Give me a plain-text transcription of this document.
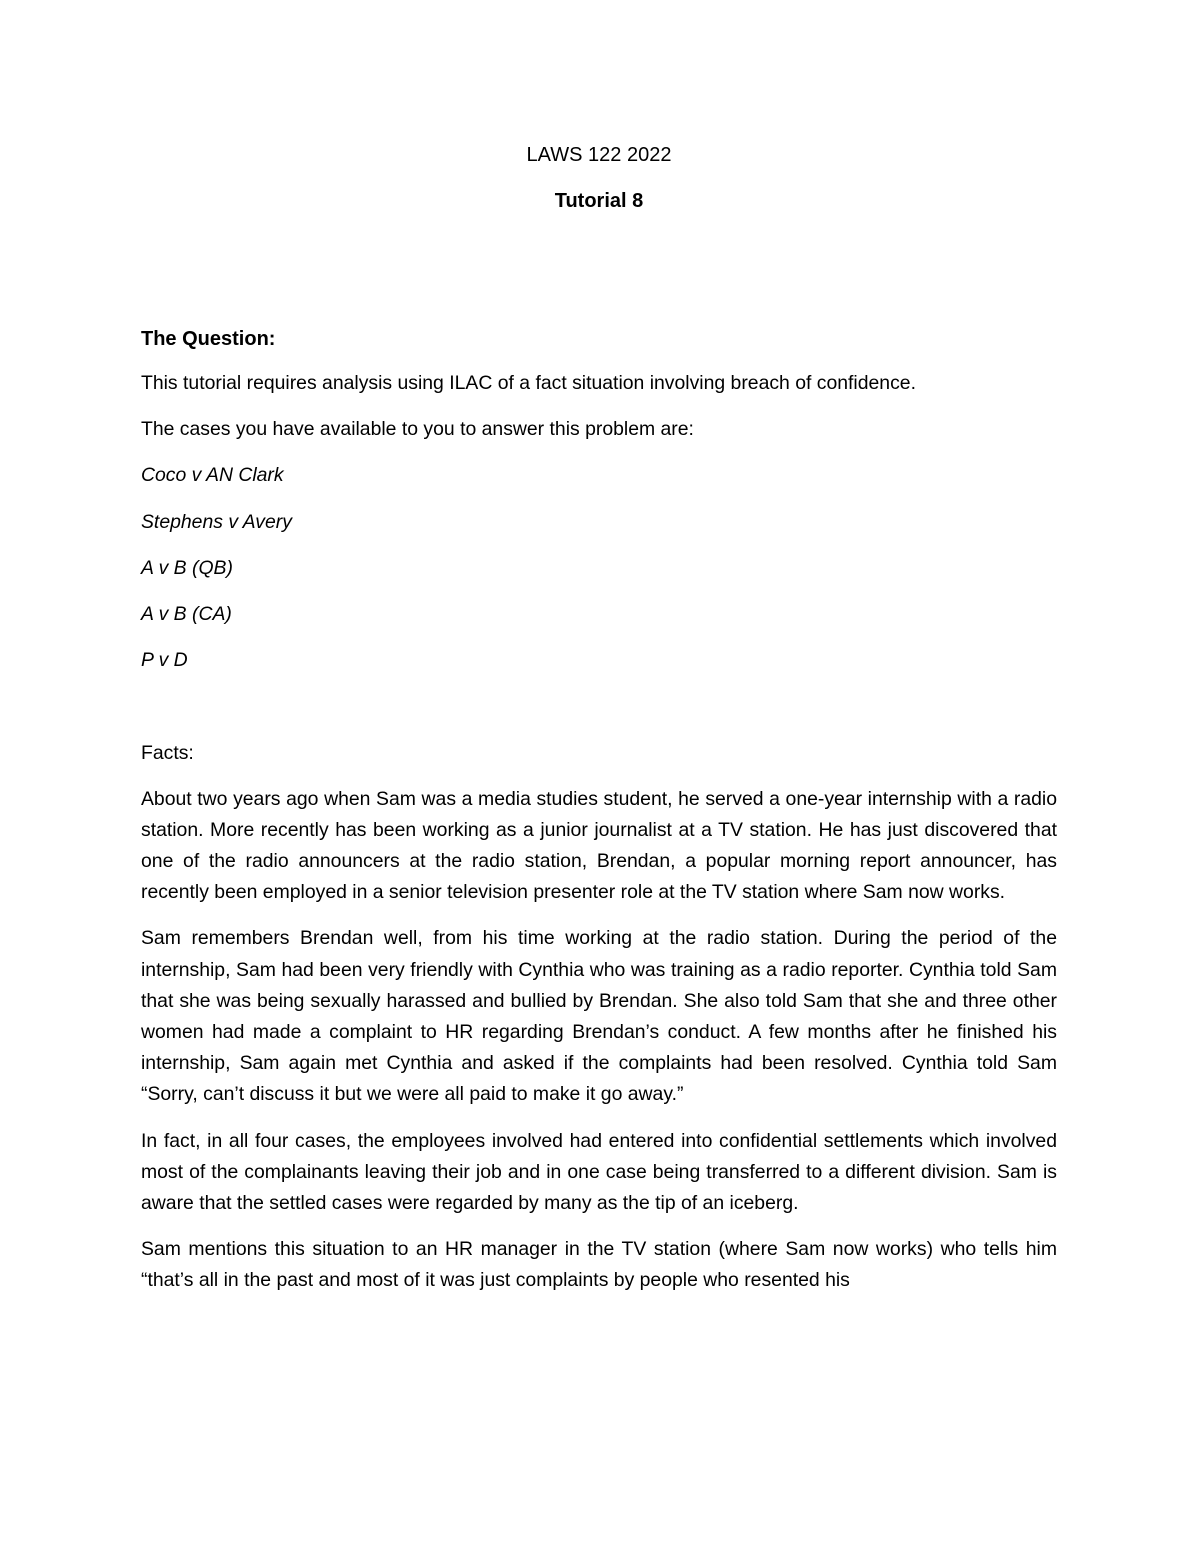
LAWS 122 2022

Tutorial 8

The Question:

This tutorial requires analysis using ILAC of a fact situation involving breach of confidence.

The cases you have available to you to answer this problem are:

Coco v AN Clark

Stephens v Avery

A v B (QB)

A v B (CA)

P v D

Facts:

About two years ago when Sam was a media studies student, he served a one-year internship with a radio station. More recently has been working as a junior journalist at a TV station. He has just discovered that one of the radio announcers at the radio station, Brendan, a popular morning report announcer, has recently been employed in a senior television presenter role at the TV station where Sam now works.

Sam remembers Brendan well, from his time working at the radio station. During the period of the internship, Sam had been very friendly with Cynthia who was training as a radio reporter. Cynthia told Sam that she was being sexually harassed and bullied by Brendan. She also told Sam that she and three other women had made a complaint to HR regarding Brendan’s conduct. A few months after he finished his internship, Sam again met Cynthia and asked if the complaints had been resolved. Cynthia told Sam “Sorry, can’t discuss it but we were all paid to make it go away.”

In fact, in all four cases, the employees involved had entered into confidential settlements which involved most of the complainants leaving their job and in one case being transferred to a different division. Sam is aware that the settled cases were regarded by many as the tip of an iceberg.

Sam mentions this situation to an HR manager in the TV station (where Sam now works) who tells him “that’s all in the past and most of it was just complaints by people who resented his
